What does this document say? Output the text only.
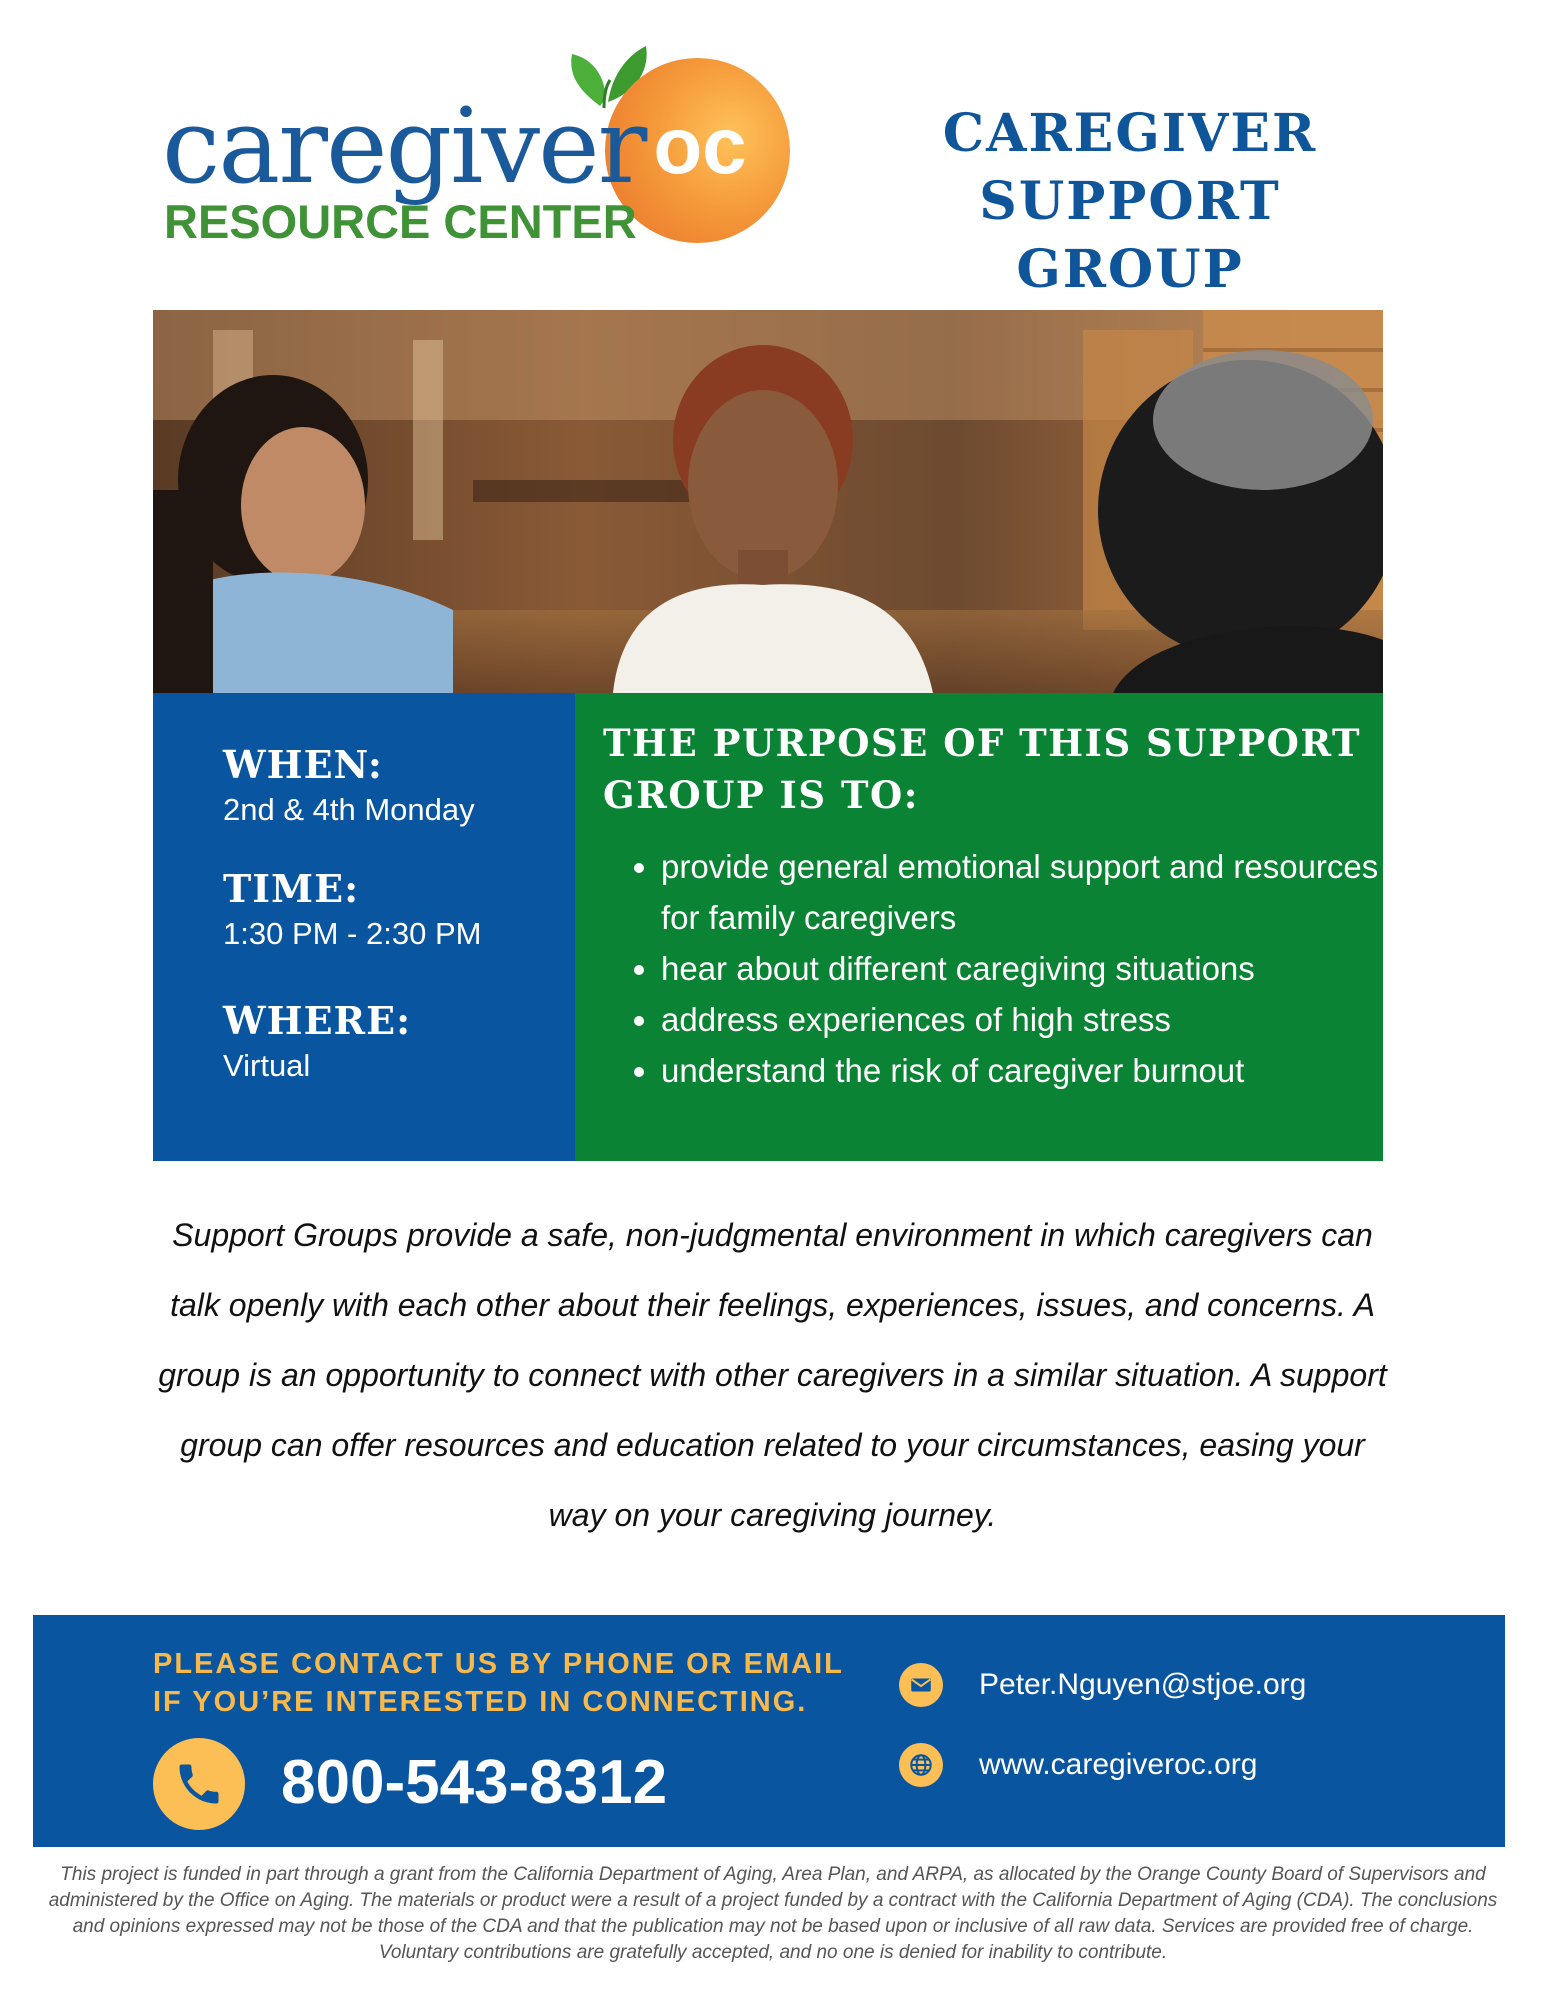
oc
caregiver
RESOURCE CENTER
CAREGIVER
SUPPORT GROUP
WHEN:
2nd & 4th Monday
TIME:
1:30 PM - 2:30 PM
WHERE:
Virtual
THE PURPOSE OF THIS SUPPORT GROUP IS TO:
• provide general emotional support and resources for family caregivers
• hear about different caregiving situations
• address experiences of high stress
• understand the risk of caregiver burnout
Support Groups provide a safe, non-judgmental environment in which caregivers can talk openly with each other about their feelings, experiences, issues, and concerns. A group is an opportunity to connect with other caregivers in a similar situation. A support group can offer resources and education related to your circumstances, easing your way on your caregiving journey.
PLEASE CONTACT US BY PHONE OR EMAIL
IF YOU’RE INTERESTED IN CONNECTING.
800-543-8312
Peter.Nguyen@stjoe.org
www.caregiveroc.org
This project is funded in part through a grant from the California Department of Aging, Area Plan, and ARPA, as allocated by the Orange County Board of Supervisors and administered by the Office on Aging. The materials or product were a result of a project funded by a contract with the California Department of Aging (CDA). The conclusions and opinions expressed may not be those of the CDA and that the publication may not be based upon or inclusive of all raw data. Services are provided free of charge. Voluntary contributions are gratefully accepted, and no one is denied for inability to contribute.
